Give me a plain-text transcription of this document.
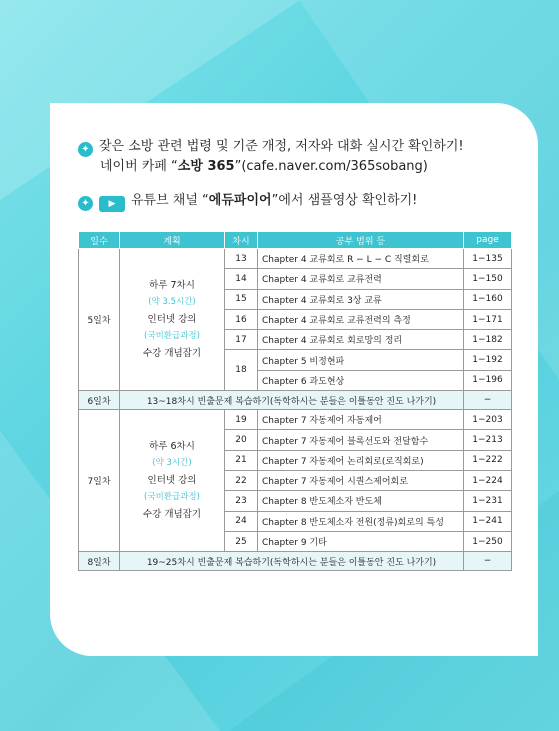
✦ 잦은 소방 관련 법령 및 기준 개정, 저자와 대화 실시간 확인하기!
네이버 카페 “소방 365”(cafe.naver.com/365sobang)
✦ ▶ 유튜브 채널 “에듀파이어”에서 샘플영상 확인하기!
일수	계획	차시	공부 범위 등	page
5일차	하루 7차시
(약 3.5시간)
인터넷 강의
(국비환급과정)
수강 개념잡기	13	Chapter 4 교류회로 R − L − C 직렬회로	1−135
		14	Chapter 4 교류회로 교류전력	1−150
		15	Chapter 4 교류회로 3상 교류	1−160
		16	Chapter 4 교류회로 교류전력의 측정	1−171
		17	Chapter 4 교류회로 회로망의 정리	1−182
		18	Chapter 5 비정현파	1−192
			Chapter 6 과도현상	1−196
6일차	13~18차시 빈출문제 복습하기(독학하시는 분들은 이틀동안 진도 나가기)			−
7일차	하루 6차시
(약 3시간)
인터넷 강의
(국비환급과정)
수강 개념잡기	19	Chapter 7 자동제어 자동제어	1−203
		20	Chapter 7 자동제어 블록선도와 전달함수	1−213
		21	Chapter 7 자동제어 논리회로(로직회로)	1−222
		22	Chapter 7 자동제어 시퀀스제어회로	1−224
		23	Chapter 8 반도체소자 반도체	1−231
		24	Chapter 8 반도체소자 전원(정류)회로의 특성	1−241
		25	Chapter 9 기타	1−250
8일차	19~25차시 빈출문제 복습하기(독학하시는 분들은 이틀동안 진도 나가기)			−
